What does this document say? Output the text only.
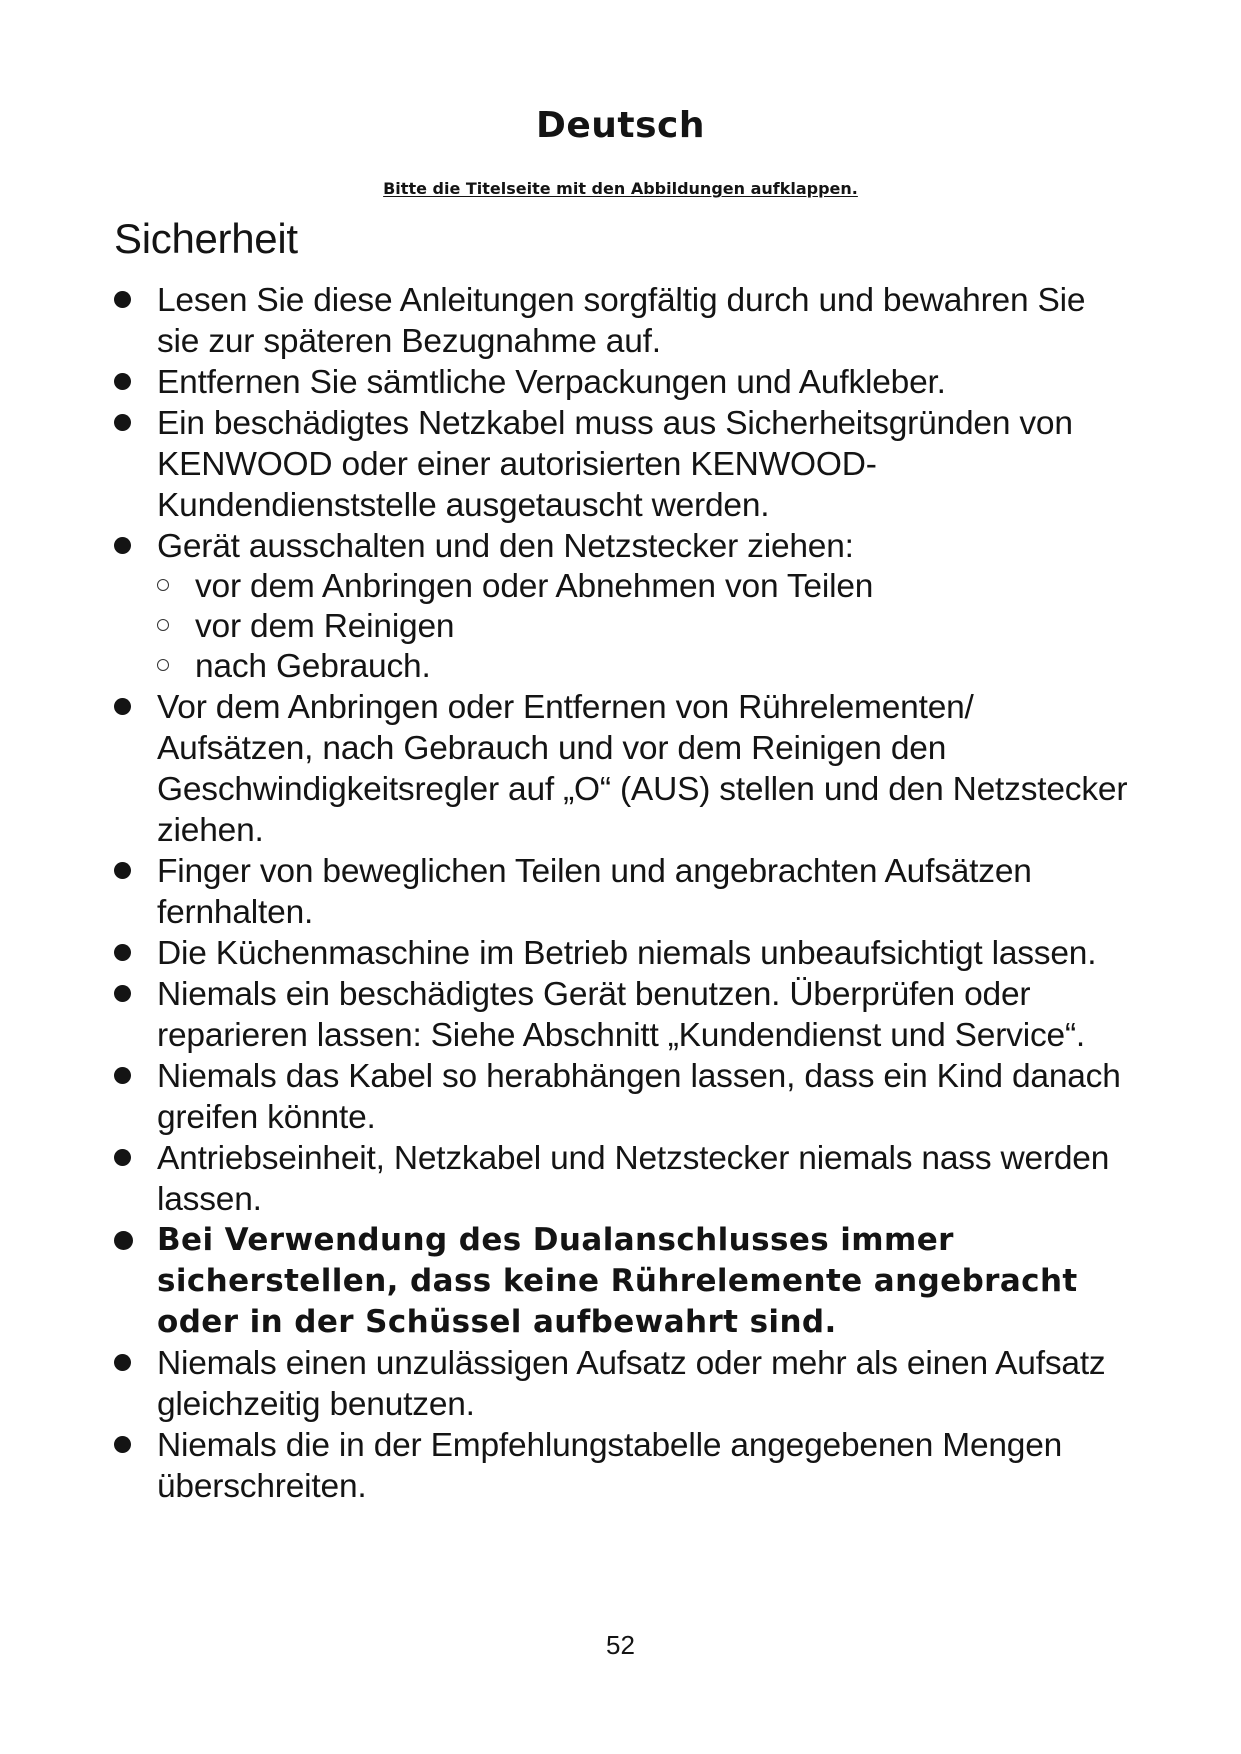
Deutsch
Bitte die Titelseite mit den Abbildungen aufklappen.
Sicherheit
Lesen Sie diese Anleitungen sorgfältig durch und bewahren Sie sie zur späteren Bezugnahme auf.
Entfernen Sie sämtliche Verpackungen und Aufkleber.
Ein beschädigtes Netzkabel muss aus Sicherheitsgründen von KENWOOD oder einer autorisierten KENWOOD-Kundendienststelle ausgetauscht werden.
Gerät ausschalten und den Netzstecker ziehen:
vor dem Anbringen oder Abnehmen von Teilen
vor dem Reinigen
nach Gebrauch.
Vor dem Anbringen oder Entfernen von Rührelementen/ Aufsätzen, nach Gebrauch und vor dem Reinigen den Geschwindigkeitsregler auf „O“ (AUS) stellen und den Netzstecker ziehen.
Finger von beweglichen Teilen und angebrachten Aufsätzen fernhalten.
Die Küchenmaschine im Betrieb niemals unbeaufsichtigt lassen.
Niemals ein beschädigtes Gerät benutzen. Überprüfen oder reparieren lassen: Siehe Abschnitt „Kundendienst und Service“.
Niemals das Kabel so herabhängen lassen, dass ein Kind danach greifen könnte.
Antriebseinheit, Netzkabel und Netzstecker niemals nass werden lassen.
Bei Verwendung des Dualanschlusses immer sicherstellen, dass keine Rührelemente angebracht oder in der Schüssel aufbewahrt sind.
Niemals einen unzulässigen Aufsatz oder mehr als einen Aufsatz gleichzeitig benutzen.
Niemals die in der Empfehlungstabelle angegebenen Mengen überschreiten.
52
